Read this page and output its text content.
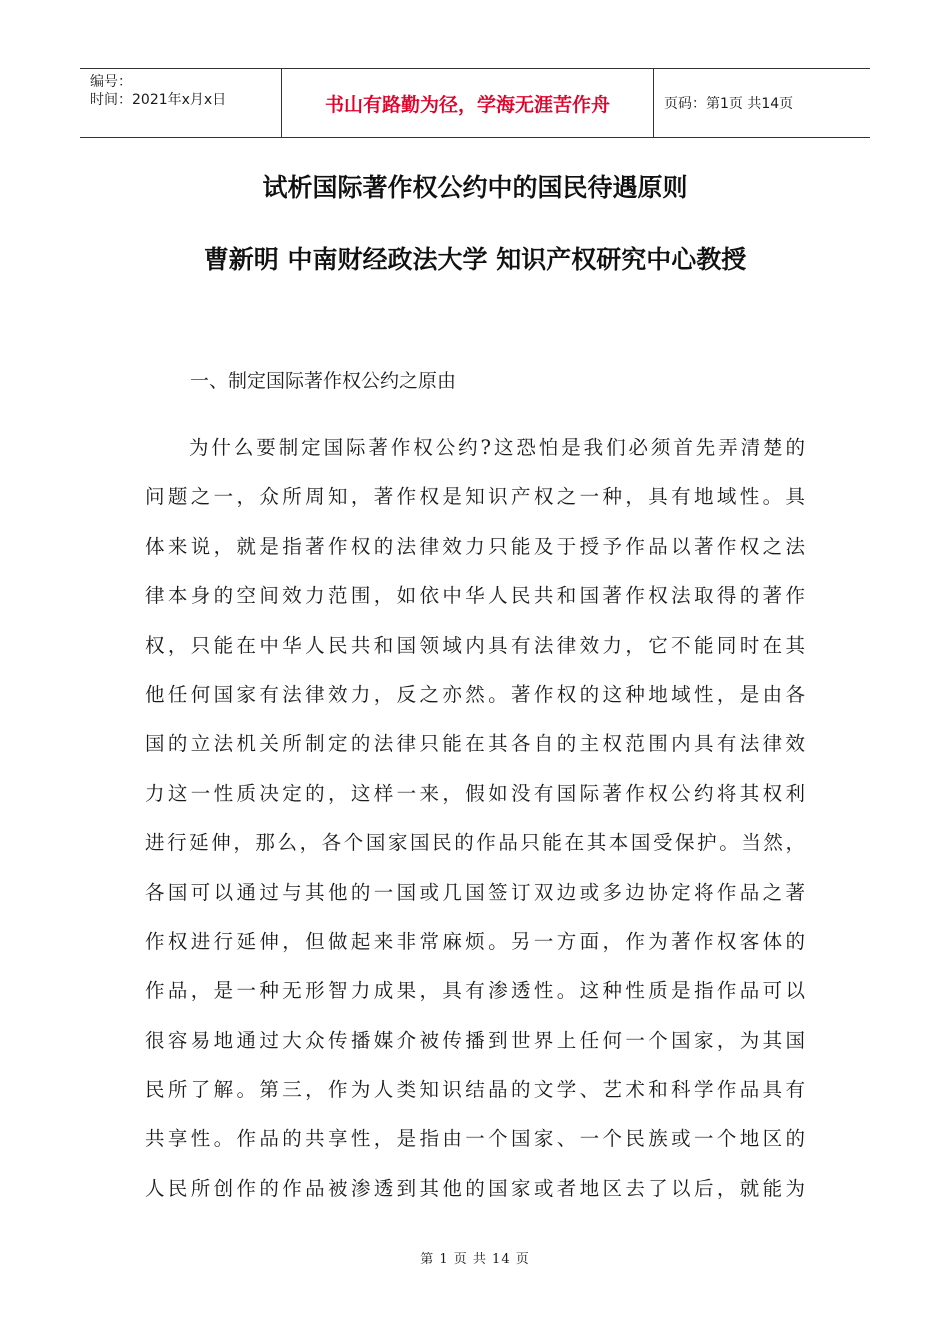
编号：
时间：2021年x月x日	书山有路勤为径，学海无涯苦作舟	页码：第1页 共14页
试析国际著作权公约中的国民待遇原则
曹新明 中南财经政法大学 知识产权研究中心教授
一、制定国际著作权公约之原由
为什么要制定国际著作权公约?这恐怕是我们必须首先弄清楚的
问题之一，众所周知，著作权是知识产权之一种，具有地域性。具
体来说，就是指著作权的法律效力只能及于授予作品以著作权之法
律本身的空间效力范围，如依中华人民共和国著作权法取得的著作
权，只能在中华人民共和国领域内具有法律效力，它不能同时在其
他任何国家有法律效力，反之亦然。著作权的这种地域性，是由各
国的立法机关所制定的法律只能在其各自的主权范围内具有法律效
力这一性质决定的，这样一来，假如没有国际著作权公约将其权利
进行延伸，那么，各个国家国民的作品只能在其本国受保护。当然，
各国可以通过与其他的一国或几国签订双边或多边协定将作品之著
作权进行延伸，但做起来非常麻烦。另一方面，作为著作权客体的
作品，是一种无形智力成果，具有渗透性。这种性质是指作品可以
很容易地通过大众传播媒介被传播到世界上任何一个国家，为其国
民所了解。第三，作为人类知识结晶的文学、艺术和科学作品具有
共享性。作品的共享性，是指由一个国家、一个民族或一个地区的
人民所创作的作品被渗透到其他的国家或者地区去了以后，就能为
第 1 页 共 14 页
